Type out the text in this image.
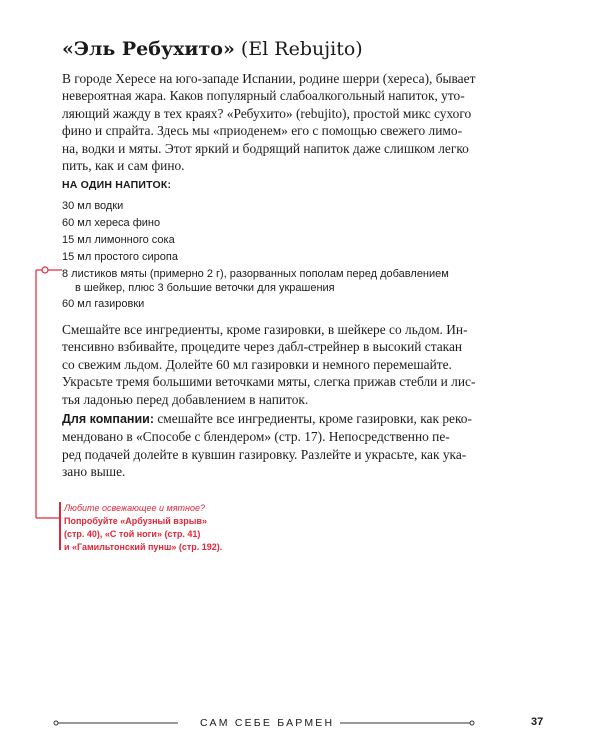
«Эль Ребухито» (El Rebujito)
В городе Хересе на юго-западе Испании, родине шерри (хереса), бывает
невероятная жара. Каков популярный слабоалкогольный напиток, уто-
ляющий жажду в тех краях? «Ребухито» (rebujito), простой микс сухого
фино и спрайта. Здесь мы «приоденем» его с помощью свежего лимо-
на, водки и мяты. Этот яркий и бодрящий напиток даже слишком легко
пить, как и сам фино.
НА ОДИН НАПИТОК:
30 мл водки
60 мл хереса фино
15 мл лимонного сока
15 мл простого сиропа
8 листиков мяты (примерно 2 г), разорванных пополам перед добавлением
в шейкер, плюс 3 большие веточки для украшения
60 мл газировки
Смешайте все ингредиенты, кроме газировки, в шейкере со льдом. Ин-
тенсивно взбивайте, процедите через дабл-стрейнер в высокий стакан
со свежим льдом. Долейте 60 мл газировки и немного перемешайте.
Украсьте тремя большими веточками мяты, слегка прижав стебли и лис-
тья ладонью перед добавлением в напиток.
Для компании: смешайте все ингредиенты, кроме газировки, как реко-
мендовано в «Способе с блендером» (стр. 17). Непосредственно пе-
ред подачей долейте в кувшин газировку. Разлейте и украсьте, как ука-
зано выше.
Любите освежающее и мятное?
Попробуйте «Арбузный взрыв»
(стр. 40), «С той ноги» (стр. 41)
и «Гамильтонский пунш» (стр. 192).
САМ СЕБЕ БАРМЕН	37
